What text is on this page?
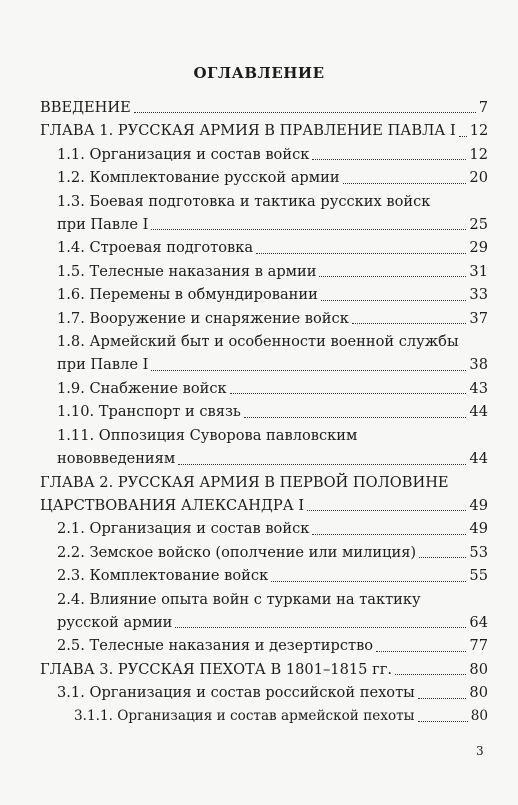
ОГЛАВЛЕНИЕ
ВВЕДЕНИЕ	7
ГЛАВА 1. РУССКАЯ АРМИЯ В ПРАВЛЕНИЕ ПАВЛА I 12
1.1. Организация и состав войск	12
1.2. Комплектование русской армии	20
1.3. Боевая подготовка и тактика русских войск
при Павле I	25
1.4. Строевая подготовка	29
1.5. Телесные наказания в армии	31
1.6. Перемены в обмундировании	33
1.7. Вооружение и снаряжение войск	37
1.8. Армейский быт и особенности военной службы
при Павле I	38
1.9. Снабжение войск	43
1.10. Транспорт и связь	44
1.11. Оппозиция Суворова павловским
нововведениям	44
ГЛАВА 2. РУССКАЯ АРМИЯ В ПЕРВОЙ ПОЛОВИНЕ
ЦАРСТВОВАНИЯ АЛЕКСАНДРА I	49
2.1. Организация и состав войск	49
2.2. Земское войско (ополчение или милиция)	53
2.3. Комплектование войск	55
2.4. Влияние опыта войн с турками на тактику
русской армии	64
2.5. Телесные наказания и дезертирство	77
ГЛАВА 3. РУССКАЯ ПЕХОТА В 1801–1815 гг.	80
3.1. Организация и состав российской пехоты	80
3.1.1. Организация и состав армейской пехоты	80
3
